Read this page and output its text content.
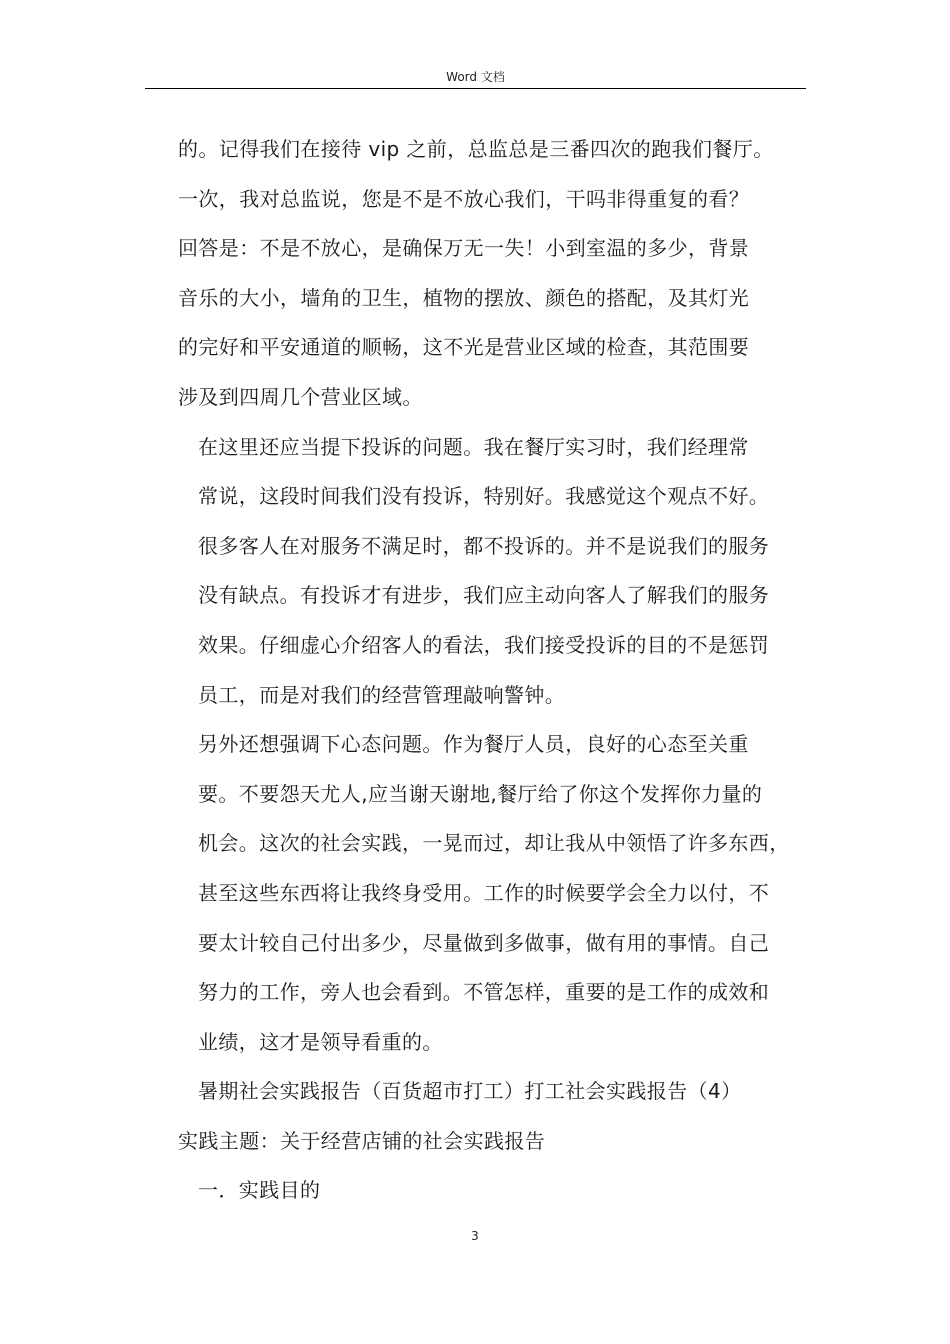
Word 文档

的。记得我们在接待 vip 之前，总监总是三番四次的跑我们餐厅。
一次，我对总监说，您是不是不放心我们，干吗非得重复的看？
回答是：不是不放心，是确保万无一失！小到室温的多少，背景
音乐的大小，墙角的卫生，植物的摆放、颜色的搭配，及其灯光
的完好和平安通道的顺畅，这不光是营业区域的检查，其范围要
涉及到四周几个营业区域。

在这里还应当提下投诉的问题。我在餐厅实习时，我们经理常
常说，这段时间我们没有投诉，特别好。我感觉这个观点不好。
很多客人在对服务不满足时，都不投诉的。并不是说我们的服务
没有缺点。有投诉才有进步，我们应主动向客人了解我们的服务
效果。仔细虚心介绍客人的看法，我们接受投诉的目的不是惩罚
员工，而是对我们的经营管理敲响警钟。

另外还想强调下心态问题。作为餐厅人员，良好的心态至关重
要。不要怨天尤人,应当谢天谢地,餐厅给了你这个发挥你力量的
机会。这次的社会实践，一晃而过，却让我从中领悟了许多东西，
甚至这些东西将让我终身受用。工作的时候要学会全力以付，不
要太计较自己付出多少，尽量做到多做事，做有用的事情。自己
努力的工作，旁人也会看到。不管怎样，重要的是工作的成效和
业绩，这才是领导看重的。

暑期社会实践报告（百货超市打工）打工社会实践报告（4）

实践主题：关于经营店铺的社会实践报告

一．实践目的

3
